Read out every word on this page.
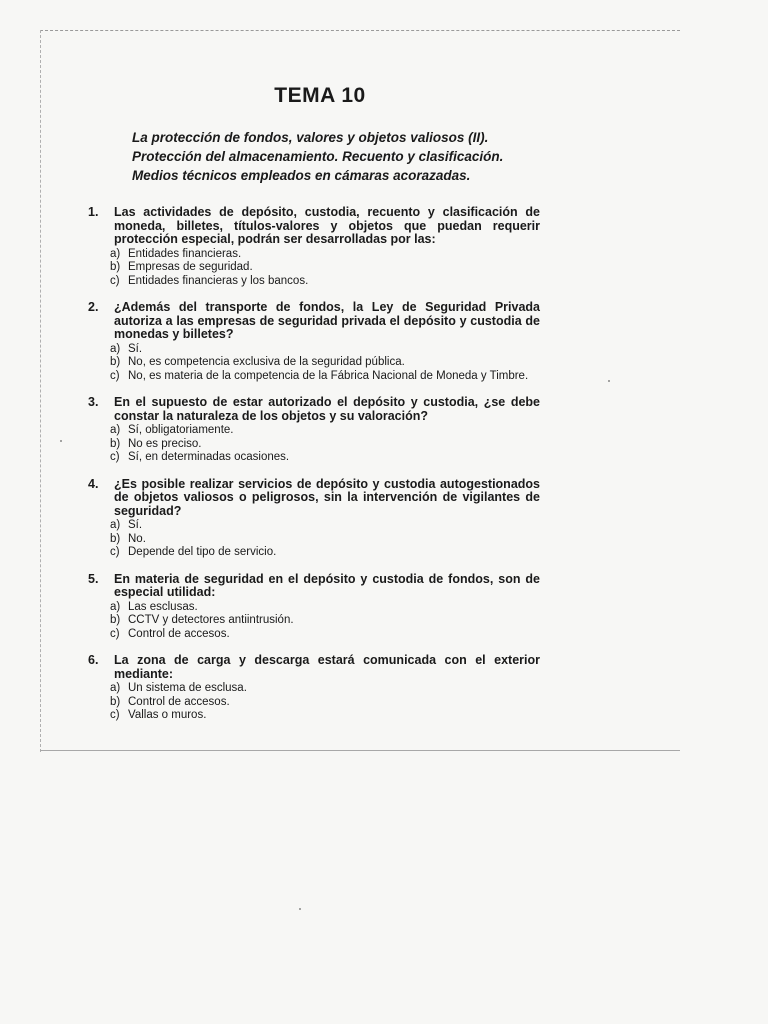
TEMA 10
La protección de fondos, valores y objetos valiosos (II).
Protección del almacenamiento. Recuento y clasificación.
Medios técnicos empleados en cámaras acorazadas.
1.	Las actividades de depósito, custodia, recuento y clasificación de moneda, billetes, títulos-valores y objetos que puedan requerir protección especial, podrán ser desarrolladas por las:
a) Entidades financieras.
b) Empresas de seguridad.
c) Entidades financieras y los bancos.
2.	¿Además del transporte de fondos, la Ley de Seguridad Privada autoriza a las empresas de seguridad privada el depósito y custodia de monedas y billetes?
a) Sí.
b) No, es competencia exclusiva de la seguridad pública.
c) No, es materia de la competencia de la Fábrica Nacional de Moneda y Timbre.
3.	En el supuesto de estar autorizado el depósito y custodia, ¿se debe constar la naturaleza de los objetos y su valoración?
a) Sí, obligatoriamente.
b) No es preciso.
c) Sí, en determinadas ocasiones.
4.	¿Es posible realizar servicios de depósito y custodia autogestionados de objetos valiosos o peligrosos, sin la intervención de vigilantes de seguridad?
a) Sí.
b) No.
c) Depende del tipo de servicio.
5.	En materia de seguridad en el depósito y custodia de fondos, son de especial utilidad:
a) Las esclusas.
b) CCTV y detectores antiintrusión.
c) Control de accesos.
6.	La zona de carga y descarga estará comunicada con el exterior mediante:
a) Un sistema de esclusa.
b) Control de accesos.
c) Vallas o muros.
